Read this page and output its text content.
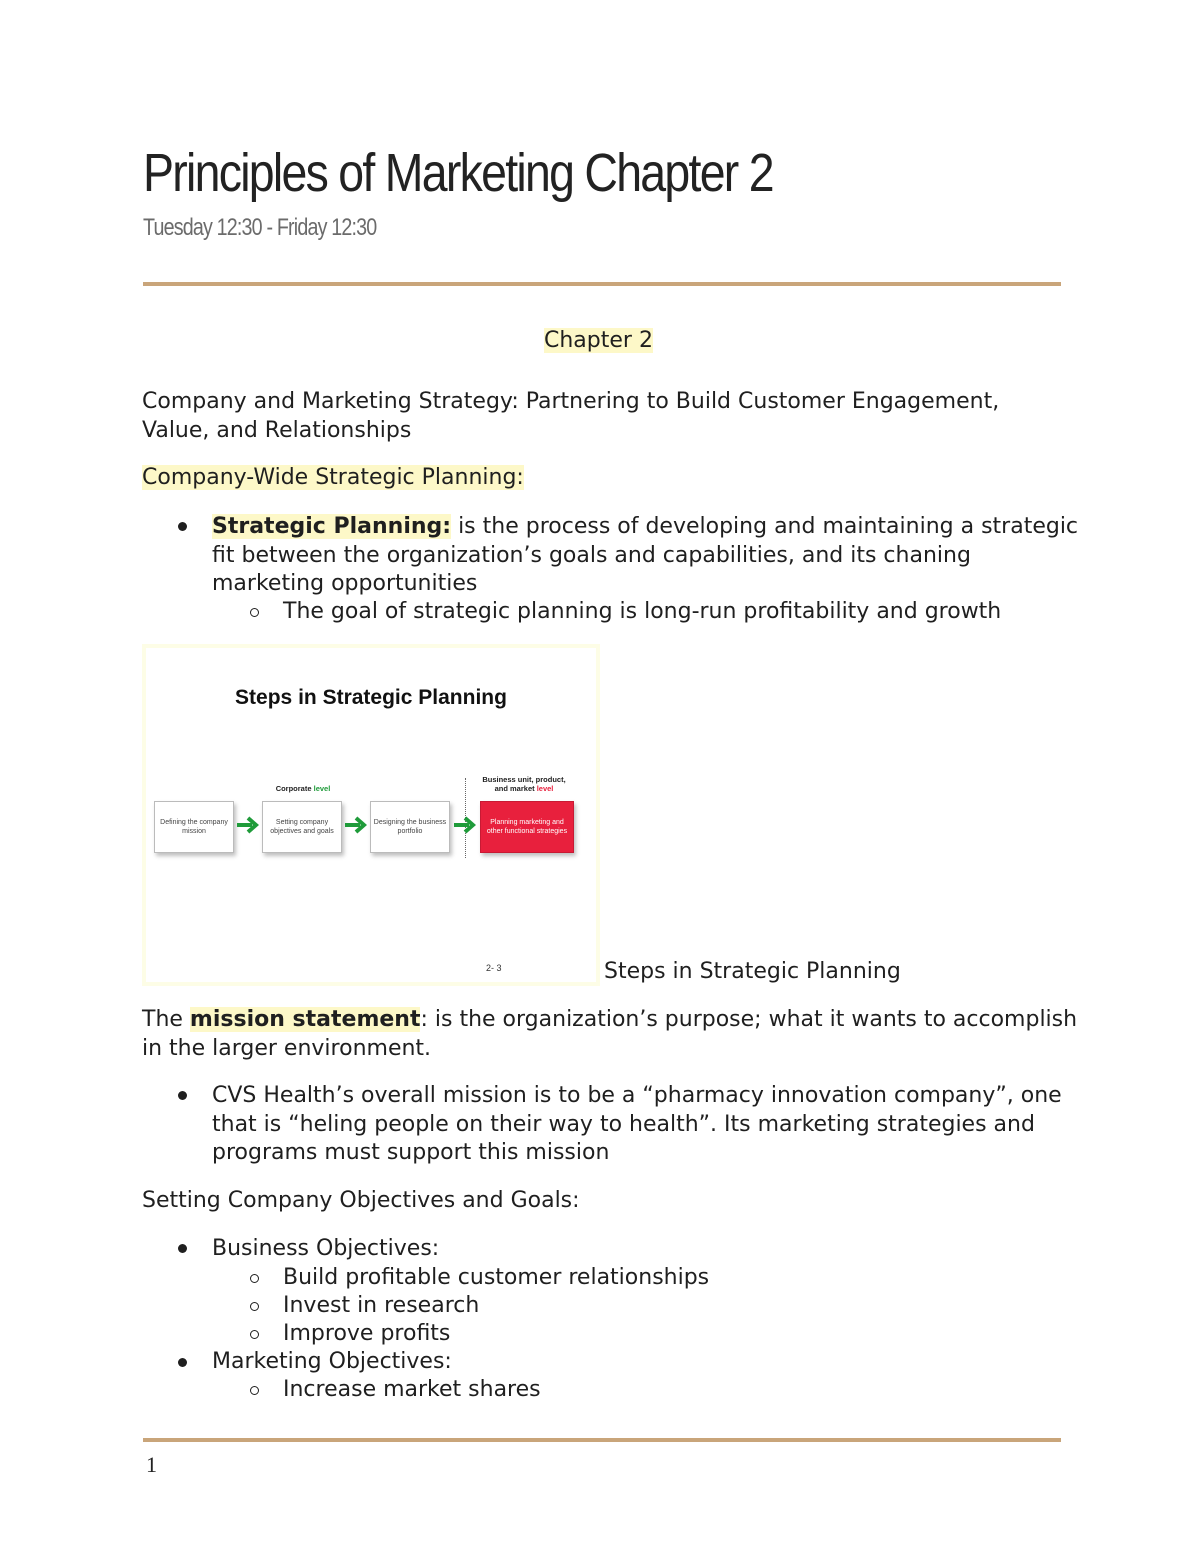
Principles of Marketing Chapter 2
Tuesday 12:30 - Friday 12:30
Chapter 2
Company and Marketing Strategy: Partnering to Build Customer Engagement,
Value, and Relationships
Company-Wide Strategic Planning:
Strategic Planning: is the process of developing and maintaining a strategic
fit between the organization’s goals and capabilities, and its chaning
marketing opportunities
The goal of strategic planning is long-run profitability and growth
Steps in Strategic Planning
Corporate level
Business unit, product,
and market level
Defining the company mission
Setting company objectives and goals
Designing the business portfolio
Planning marketing and other functional strategies
2- 3	Steps in Strategic Planning
The mission statement: is the organization’s purpose; what it wants to accomplish
in the larger environment.
CVS Health’s overall mission is to be a “pharmacy innovation company”, one
that is “heling people on their way to health”. Its marketing strategies and
programs must support this mission
Setting Company Objectives and Goals:
Business Objectives:
Build profitable customer relationships
Invest in research
Improve profits
Marketing Objectives:
Increase market shares
1
